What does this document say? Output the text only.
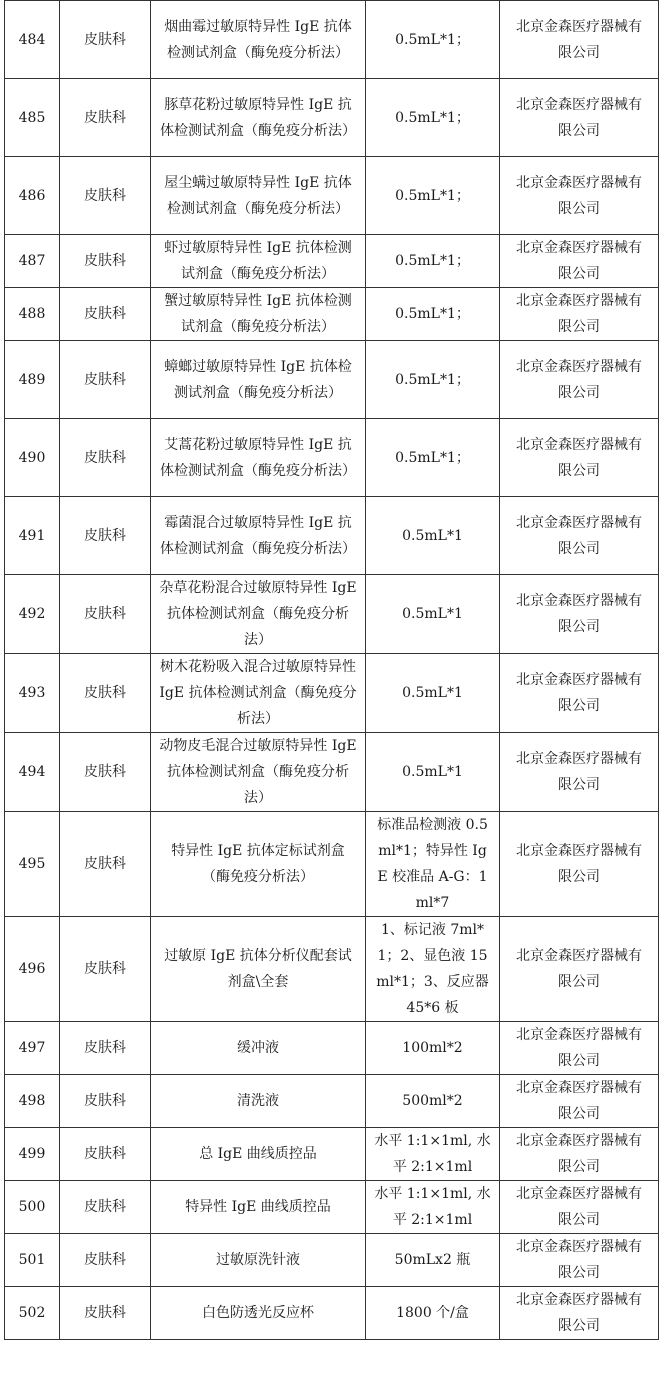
484	皮肤科	烟曲霉过敏原特异性 IgE 抗体检测试剂盒（酶免疫分析法）	0.5mL*1；	北京金森医疗器械有限公司
485	皮肤科	豚草花粉过敏原特异性 IgE 抗体检测试剂盒（酶免疫分析法）	0.5mL*1；	北京金森医疗器械有限公司
486	皮肤科	屋尘螨过敏原特异性 IgE 抗体检测试剂盒（酶免疫分析法）	0.5mL*1；	北京金森医疗器械有限公司
487	皮肤科	虾过敏原特异性 IgE 抗体检测试剂盒（酶免疫分析法）	0.5mL*1；	北京金森医疗器械有限公司
488	皮肤科	蟹过敏原特异性 IgE 抗体检测试剂盒（酶免疫分析法）	0.5mL*1；	北京金森医疗器械有限公司
489	皮肤科	蟑螂过敏原特异性 IgE 抗体检测试剂盒（酶免疫分析法）	0.5mL*1；	北京金森医疗器械有限公司
490	皮肤科	艾蒿花粉过敏原特异性 IgE 抗体检测试剂盒（酶免疫分析法）	0.5mL*1；	北京金森医疗器械有限公司
491	皮肤科	霉菌混合过敏原特异性 IgE 抗体检测试剂盒（酶免疫分析法）	0.5mL*1	北京金森医疗器械有限公司
492	皮肤科	杂草花粉混合过敏原特异性 IgE 抗体检测试剂盒（酶免疫分析法）	0.5mL*1	北京金森医疗器械有限公司
493	皮肤科	树木花粉吸入混合过敏原特异性 IgE 抗体检测试剂盒（酶免疫分析法）	0.5mL*1	北京金森医疗器械有限公司
494	皮肤科	动物皮毛混合过敏原特异性 IgE 抗体检测试剂盒（酶免疫分析法）	0.5mL*1	北京金森医疗器械有限公司
495	皮肤科	特异性 IgE 抗体定标试剂盒（酶免疫分析法）	标准品检测液 0.5ml*1；特异性 IgE 校准品 A-G：1ml*7	北京金森医疗器械有限公司
496	皮肤科	过敏原 IgE 抗体分析仪配套试剂盒\全套	1、标记液 7ml*1；2、显色液 15ml*1；3、反应器 45*6 板	北京金森医疗器械有限公司
497	皮肤科	缓冲液	100ml*2	北京金森医疗器械有限公司
498	皮肤科	清洗液	500ml*2	北京金森医疗器械有限公司
499	皮肤科	总 IgE 曲线质控品	水平 1:1×1ml, 水平 2:1×1ml	北京金森医疗器械有限公司
500	皮肤科	特异性 IgE 曲线质控品	水平 1:1×1ml, 水平 2:1×1ml	北京金森医疗器械有限公司
501	皮肤科	过敏原洗针液	50mLx2 瓶	北京金森医疗器械有限公司
502	皮肤科	白色防透光反应杯	1800 个/盒	北京金森医疗器械有限公司
